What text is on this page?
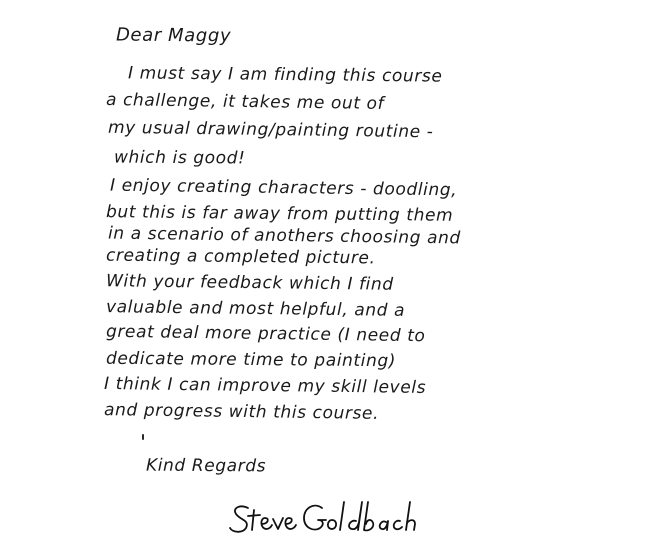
Dear Maggy
I must say I am finding this course
a challenge, it takes me out of
my usual drawing/painting routine -
which is good!
I enjoy creating characters - doodling,
but this is far away from putting them
in a scenario of anothers choosing and
creating a completed picture.
With your feedback which I find
valuable and most helpful, and a
great deal more practice (I need to
dedicate more time to painting)
I think I can improve my skill levels
and progress with this course.
Kind Regards
